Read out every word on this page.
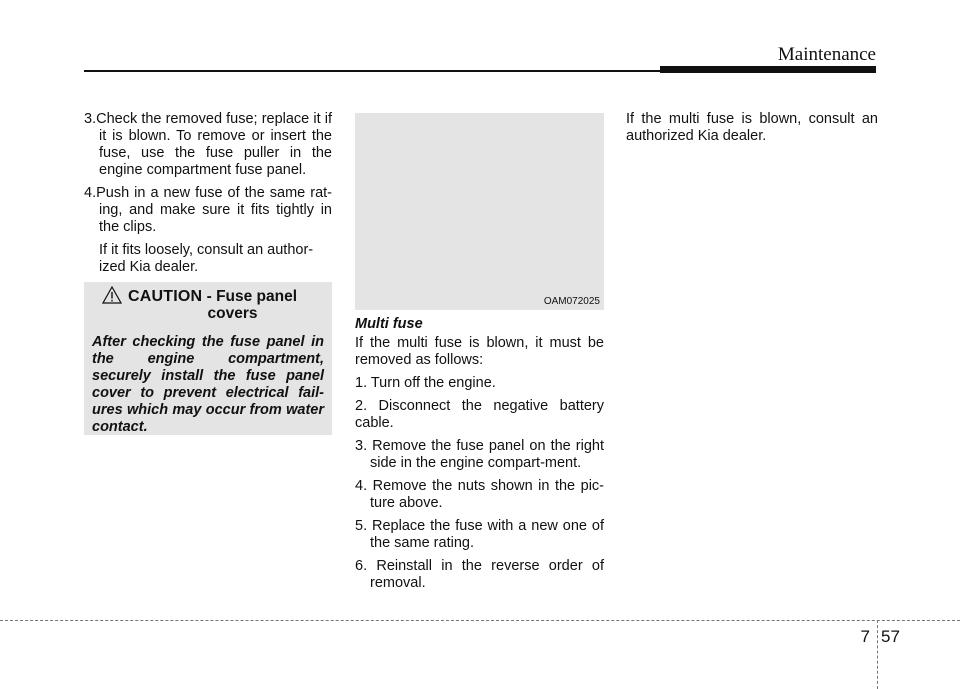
Maintenance

3.Check the removed fuse; replace it if it is blown. To remove or insert the fuse, use the fuse puller in the engine compartment fuse panel.

4.Push in a new fuse of the same rat-ing, and make sure it fits tightly in the clips.

If it fits loosely, consult an author-ized Kia dealer.

CAUTION - Fuse panel
covers

After checking the fuse panel in the engine compartment, securely install the fuse panel cover to prevent electrical fail-ures which may occur from water contact.

OAM072025

Multi fuse

If the multi fuse is blown, it must be removed as follows:

1. Turn off the engine.

2. Disconnect the negative battery cable.

3. Remove the fuse panel on the right side in the engine compart-ment.

4. Remove the nuts shown in the pic-ture above.

5. Replace the fuse with a new one of the same rating.

6. Reinstall in the reverse order of removal.

If the multi fuse is blown, consult an authorized Kia dealer.

7 57
